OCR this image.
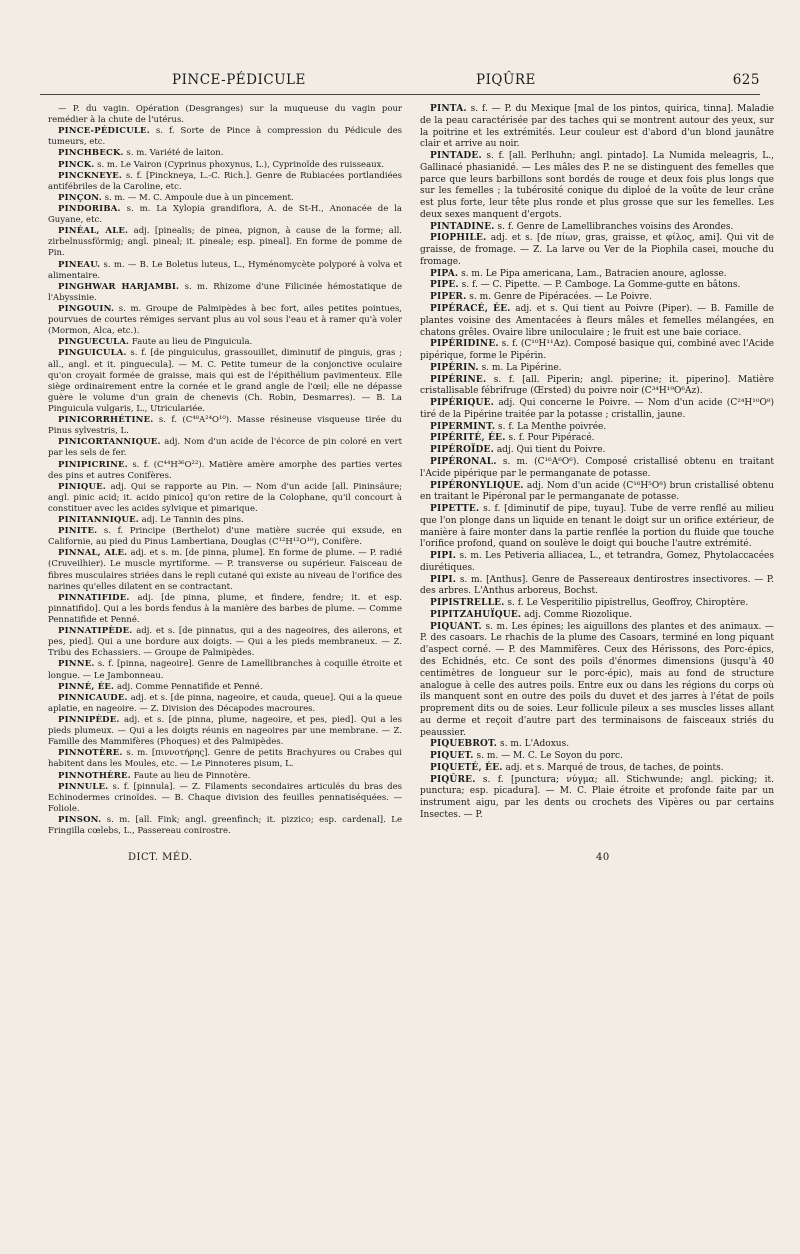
PINCE-PÉDICULE	PIQÛRE	625

— P. du vagin. Opération (Desgranges) sur la muqueuse du vagin pour remédier à la chute de l'utérus.

PINCE-PÉDICULE. s. f. Sorte de Pince à compression du Pédicule des tumeurs, etc.

PINCHBECK. s. m. Variété de laiton.

PINCK. s. m. Le Vairon (Cyprinus phoxynus, L.), Cyprinoïde des ruisseaux.

PINCKNEYE. s. f. [Pinckneya, L.-C. Rich.]. Genre de Rubiacées portlandiées antifébriles de la Caroline, etc.

PINÇON. s. m. — M. C. Ampoule due à un pincement.

PINDORIBA. s. m. La Xylopia grandiflora, A. de St-H., Anonacée de la Guyane, etc.

PINÉAL, ALE. adj. [pinealis; de pinea, pignon, à cause de la forme; all. zirbelnussförmig; angl. pineal; it. pineale; esp. pineal]. En forme de pomme de Pin.

PINEAU. s. m. — B. Le Boletus luteus, L., Hyménomycète polyporé à volva et alimentaire.

PINGHWAR HARJAMBI. s. m. Rhizome d'une Filicinée hémostatique de l'Abyssinie.

PINGOUIN. s. m. Groupe de Palmipèdes à bec fort, ailes petites pointues, pourvues de courtes rémiges servant plus au vol sous l'eau et à ramer qu'à voler (Mormon, Alca, etc.).

PINGUECULA. Faute au lieu de Pinguicula.

PINGUICULA. s. f. [de pinguiculus, grassouillet, diminutif de pinguis, gras ; all., angl. et it. pinguecula]. — M. C. Petite tumeur de la conjonctive oculaire qu'on croyait formée de graisse, mais qui est de l'épithélium pavimenteux. Elle siège ordinairement entre la cornée et le grand angle de l'œil; elle ne dépasse guère le volume d'un grain de chenevis (Ch. Robin, Desmarres). — B. La Pinguicula vulgaris, L., Utriculariée.

PINICORRHÉTINE. s. f. (C⁴⁸A²⁴O¹⁰). Masse résineuse visqueuse tirée du Pinus sylvestris, L.

PINICORTANNIQUE. adj. Nom d'un acide de l'écorce de pin coloré en vert par les sels de fer.

PINIPICRINE. s. f. (C⁴⁴H³⁶O²²). Matière amère amorphe des parties vertes des pins et autres Conifères.

PINIQUE. adj. Qui se rapporte au Pin. — Nom d'un acide [all. Pininsäure; angl. pinic acid; it. acido pinico] qu'on retire de la Colophane, qu'il concourt à constituer avec les acides sylvique et pimarique.

PINITANNIQUE. adj. Le Tannin des pins.

PINITE. s. f. Principe (Berthelot) d'une matière sucrée qui exsude, en Californie, au pied du Pinus Lambertiana, Douglas (C¹²H¹²O¹⁰), Conifère.

PINNAL, ALE. adj. et s. m. [de pinna, plume]. En forme de plume. — P. radié (Cruveilhier). Le muscle myrtiforme. — P. transverse ou supérieur. Faisceau de fibres musculaires striées dans le repli cutané qui existe au niveau de l'orifice des narines qu'elles dilatent en se contractant.

PINNATIFIDE. adj. [de pinna, plume, et findere, fendre; it. et esp. pinnatifido]. Qui a les bords fendus à la manière des barbes de plume. — Comme Pennatifide et Penné.

PINNATIPÈDE. adj. et s. [de pinnatus, qui a des nageoires, des ailerons, et pes, pied]. Qui a une bordure aux doigts. — Qui a les pieds membraneux. — Z. Tribu des Echassiers. — Groupe de Palmipèdes.

PINNE. s. f. [pinna, nageoire]. Genre de Lamellibranches à coquille étroite et longue. — Le Jambonneau.

PINNÉ, ÉE. adj. Comme Pennatifide et Penné.

PINNICAUDE. adj. et s. [de pinna, nageoire, et cauda, queue]. Qui a la queue aplatie, en nageoire. — Z. Division des Décapodes macroures.

PINNIPÈDE. adj. et s. [de pinna, plume, nageoire, et pes, pied]. Qui a les pieds plumeux. — Qui a les doigts réunis en nageoires par une membrane. — Z. Famille des Mammifères (Phoques) et des Palmipèdes.

PINNOTÈRE. s. m. [πιννοτήρης]. Genre de petits Brachyures ou Crabes qui habitent dans les Moules, etc. — Le Pinnoteres pisum, L.

PINNOTHÈRE. Faute au lieu de Pinnotère.

PINNULE. s. f. [pinnula]. — Z. Filaments secondaires articulés du bras des Echinodermes crinoïdes. — B. Chaque division des feuilles pennatiséquées. — Foliole.

PINSON. s. m. [all. Fink; angl. greenfinch; it. pizzico; esp. cardenal]. Le Fringilla cœlebs, L., Passereau conirostre.

PINTA. s. f. — P. du Mexique [mal de los pintos, quirica, tinna]. Maladie de la peau caractérisée par des taches qui se montrent autour des yeux, sur la poitrine et les extrémités. Leur couleur est d'abord d'un blond jaunâtre clair et arrive au noir.

PINTADE. s. f. [all. Perlhuhn; angl. pintado]. La Numida meleagris, L., Gallinacé phasianidé. — Les mâles des P. ne se distinguent des femelles que parce que leurs barbillons sont bordés de rouge et deux fois plus longs que sur les femelles ; la tubérosité conique du diploé de la voûte de leur crâne est plus forte, leur tête plus ronde et plus grosse que sur les femelles. Les deux sexes manquent d'ergots.

PINTADINE. s. f. Genre de Lamellibranches voisins des Arondes.

PIOPHILE. adj. et s. [de πίων, gras, graisse, et φίλος, ami]. Qui vit de graisse, de fromage. — Z. La larve ou Ver de la Piophila casei, mouche du fromage.

PIPA. s. m. Le Pipa americana, Lam., Batracien anoure, aglosse.

PIPE. s. f. — C. Pipette. — P. Camboge. La Gomme-gutte en bâtons.

PIPER. s. m. Genre de Pipéracées. — Le Poivre.

PIPÉRACÉ, ÉE. adj. et s. Qui tient au Poivre (Piper). — B. Famille de plantes voisine des Amentacées à fleurs mâles et femelles mélangées, en chatons grêles. Ovaire libre uniloculaire ; le fruit est une baie coriace.

PIPÉRIDINE. s. f. (C¹⁰H¹¹Az). Composé basique qui, combiné avec l'Acide pipérique, forme le Pipérin.

PIPÉRIN. s. m. La Pipérine.

PIPÉRINE. s. f. [all. Piperin; angl. piperine; it. piperino]. Matière cristallisable fébrifruge (Œrsted) du poivre noir (C³⁴H¹⁹O⁶Az).

PIPÉRIQUE. adj. Qui concerne le Poivre. — Nom d'un acide (C²⁴H¹⁰O⁸) tiré de la Pipérine traitée par la potasse ; cristallin, jaune.

PIPERMINT. s. f. La Menthe poivrée.

PIPÉRITÉ, ÉE. s. f. Pour Pipéracé.

PIPÉROÏDE. adj. Qui tient du Poivre.

PIPÉRONAL. s. m. (C¹⁶A⁶O⁶). Composé cristallisé obtenu en traitant l'Acide pipérique par le permanganate de potasse.

PIPÉRONYLIQUE. adj. Nom d'un acide (C¹⁶H⁵O⁸) brun cristallisé obtenu en traitant le Pipéronal par le permanganate de potasse.

PIPETTE. s. f. [diminutif de pipe, tuyau]. Tube de verre renflé au milieu que l'on plonge dans un liquide en tenant le doigt sur un orifice extérieur, de manière à faire monter dans la partie renflée la portion du fluide que touche l'orifice profond, quand on soulève le doigt qui bouche l'autre extrémité.

PIPI. s. m. Les Petiveria alliacea, L., et tetrandra, Gomez, Phytolaccacées diurétiques.

PIPI. s. m. [Anthus]. Genre de Passereaux dentirostres insectivores. — P. des arbres. L'Anthus arboreus, Bochst.

PIPISTRELLE. s. f. Le Vesperitilio pipistrellus, Geoffroy, Chiroptère.

PIPITZAHUÏQUE. adj. Comme Riozolique.

PIQUANT. s. m. Les épines; les aiguillons des plantes et des animaux. — P. des casoars. Le rhachis de la plume des Casoars, terminé en long piquant d'aspect corné. — P. des Mammifères. Ceux des Hérissons, des Porc-épics, des Echidnés, etc. Ce sont des poils d'énormes dimensions (jusqu'à 40 centimètres de longueur sur le porc-épic), mais au fond de structure analogue à celle des autres poils. Entre eux ou dans les régions du corps où ils manquent sont en outre des poils du duvet et des jarres à l'état de poils proprement dits ou de soies. Leur follicule pileux a ses muscles lisses allant au derme et reçoit d'autre part des terminaisons de faisceaux striés du peaussier.

PIQUEBROT. s. m. L'Adoxus.

PIQUET. s. m. — M. C. Le Soyon du porc.

PIQUETÉ, ÉE. adj. et s. Marqué de trous, de taches, de points.

PIQÛRE. s. f. [punctura; νύγμα; all. Stichwunde; angl. picking; it. punctura; esp. picadura]. — M. C. Plaie étroite et profonde faite par un instrument aigu, par les dents ou crochets des Vipères ou par certains Insectes. — P.

DICT. MÉD.	40
